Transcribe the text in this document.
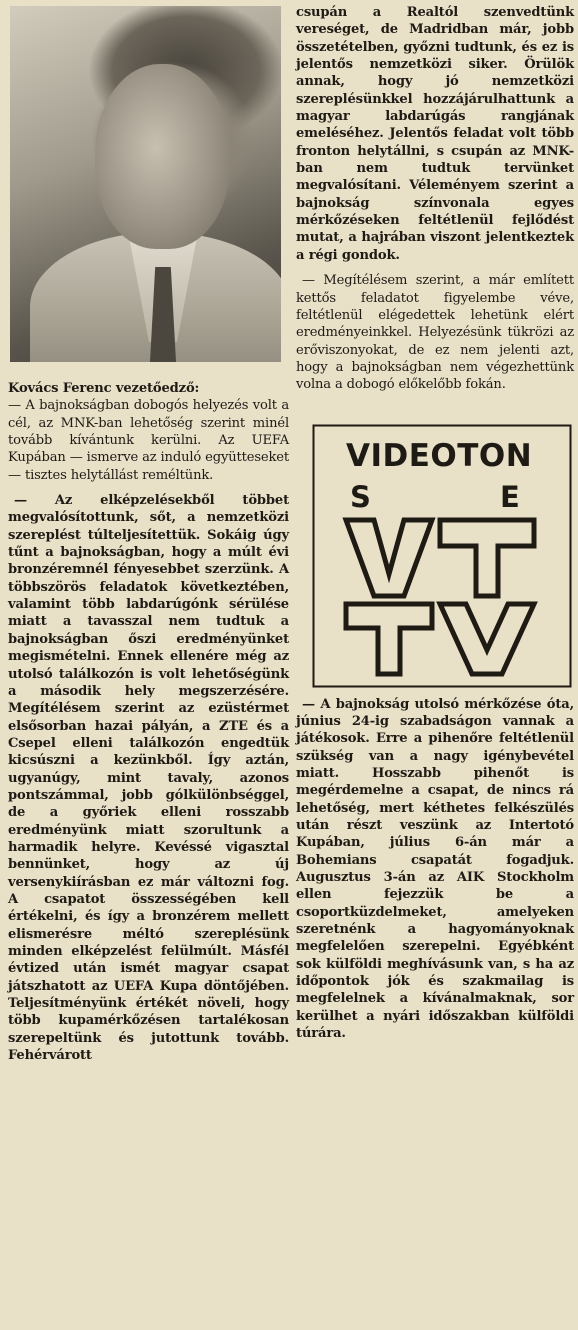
Kovács Ferenc vezetőedző:
— A bajnokságban dobogós helyezés volt a cél, az MNK-ban lehetőség szerint minél tovább kívántunk kerülni. Az UEFA Kupában — ismerve az induló együtteseket — tisztes helytállást reméltünk.

— Az elképzelésekből többet megvalósítottunk, sőt, a nemzetközi szereplést túlteljesítettük. Sokáig úgy tűnt a bajnokságban, hogy a múlt évi bronzéremnél fényesebbet szerzünk. A többszörös feladatok következtében, valamint több labdarúgónk sérülése miatt a tavasszal nem tudtuk a bajnokságban őszi eredményünket megismételni. Ennek ellenére még az utolsó találkozón is volt lehetőségünk a második hely megszerzésére. Megítélésem szerint az ezüstérmet elsősorban hazai pályán, a ZTE és a Csepel elleni találkozón engedtük kicsúszni a kezünkből. Így aztán, ugyanúgy, mint tavaly, azonos pontszámmal, jobb gólkülönbséggel, de a győriek elleni rosszabb eredményünk miatt szorultunk a harmadik helyre. Kevéssé vigasztal bennünket, hogy az új versenykiírásban ez már változni fog. A csapatot összességében kell értékelni, és így a bronzérem mellett elismerésre méltó szereplésünk minden elképzelést felülmúlt. Másfél évtized után ismét magyar csapat játszhatott az UEFA Kupa döntőjében. Teljesítményünk értékét növeli, hogy több kupamérkőzésen tartalékosan szerepeltünk és jutottunk tovább. Fehérvárott

csupán a Realtól szenvedtünk vereséget, de Madridban már, jobb összetételben, győzni tudtunk, és ez is jelentős nemzetközi siker. Örülök annak, hogy jó nemzetközi szereplésünkkel hozzájárulhattunk a magyar labdarúgás rangjának emeléséhez. Jelentős feladat volt több fronton helytállni, s csupán az MNK-ban nem tudtuk tervünket megvalósítani. Véleményem szerint a bajnokság színvonala egyes mérkőzéseken feltétlenül fejlődést mutat, a hajrában viszont jelentkeztek a régi gondok.

— Megítélésem szerint, a már említett kettős feladatot figyelembe véve, feltétlenül elégedettek lehetünk elért eredményeinkkel. Helyezésünk tükrözi az erőviszonyokat, de ez nem jelenti azt, hogy a bajnokságban nem végezhettünk volna a dobogó előkelőbb fokán.

VIDEOTON
S	E

— A bajnokság utolsó mérkőzése óta, június 24-ig szabadságon vannak a játékosok. Erre a pihenőre feltétlenül szükség van a nagy igénybevétel miatt. Hosszabb pihenőt is megérdemelne a csapat, de nincs rá lehetőség, mert kéthetes felkészülés után részt veszünk az Intertotó Kupában, július 6-án már a Bohemians csapatát fogadjuk. Augusztus 3-án az AIK Stockholm ellen fejezzük be a csoportküzdelmeket, amelyeken szeretnénk a hagyományoknak megfelelően szerepelni. Egyébként sok külföldi meghívásunk van, s ha az időpontok jók és szakmailag is megfelelnek a kívánalmaknak, sor kerülhet a nyári időszakban külföldi túrára.
